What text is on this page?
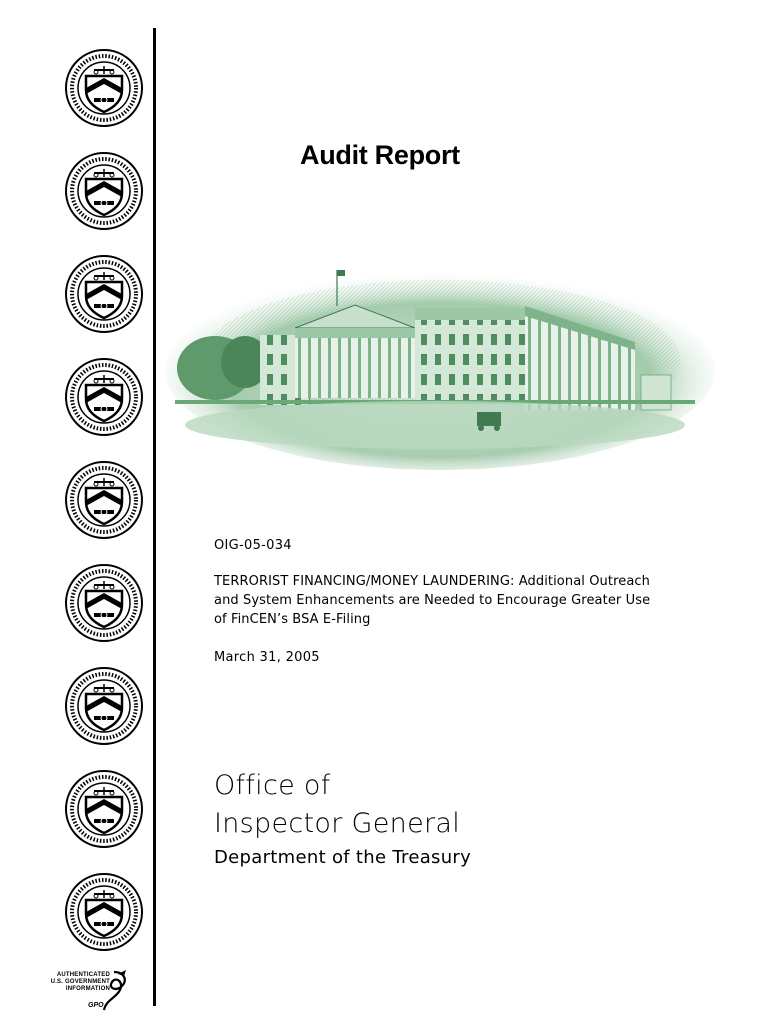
AUTHENTICATED
U.S. GOVERNMENT
INFORMATION
GPO
Audit Report
OIG-05-034
TERRORIST FINANCING/MONEY LAUNDERING: Additional Outreach and System Enhancements are Needed to Encourage Greater Use of FinCEN’s BSA E-Filing
March 31, 2005
Office of
Inspector General
Department of the Treasury
